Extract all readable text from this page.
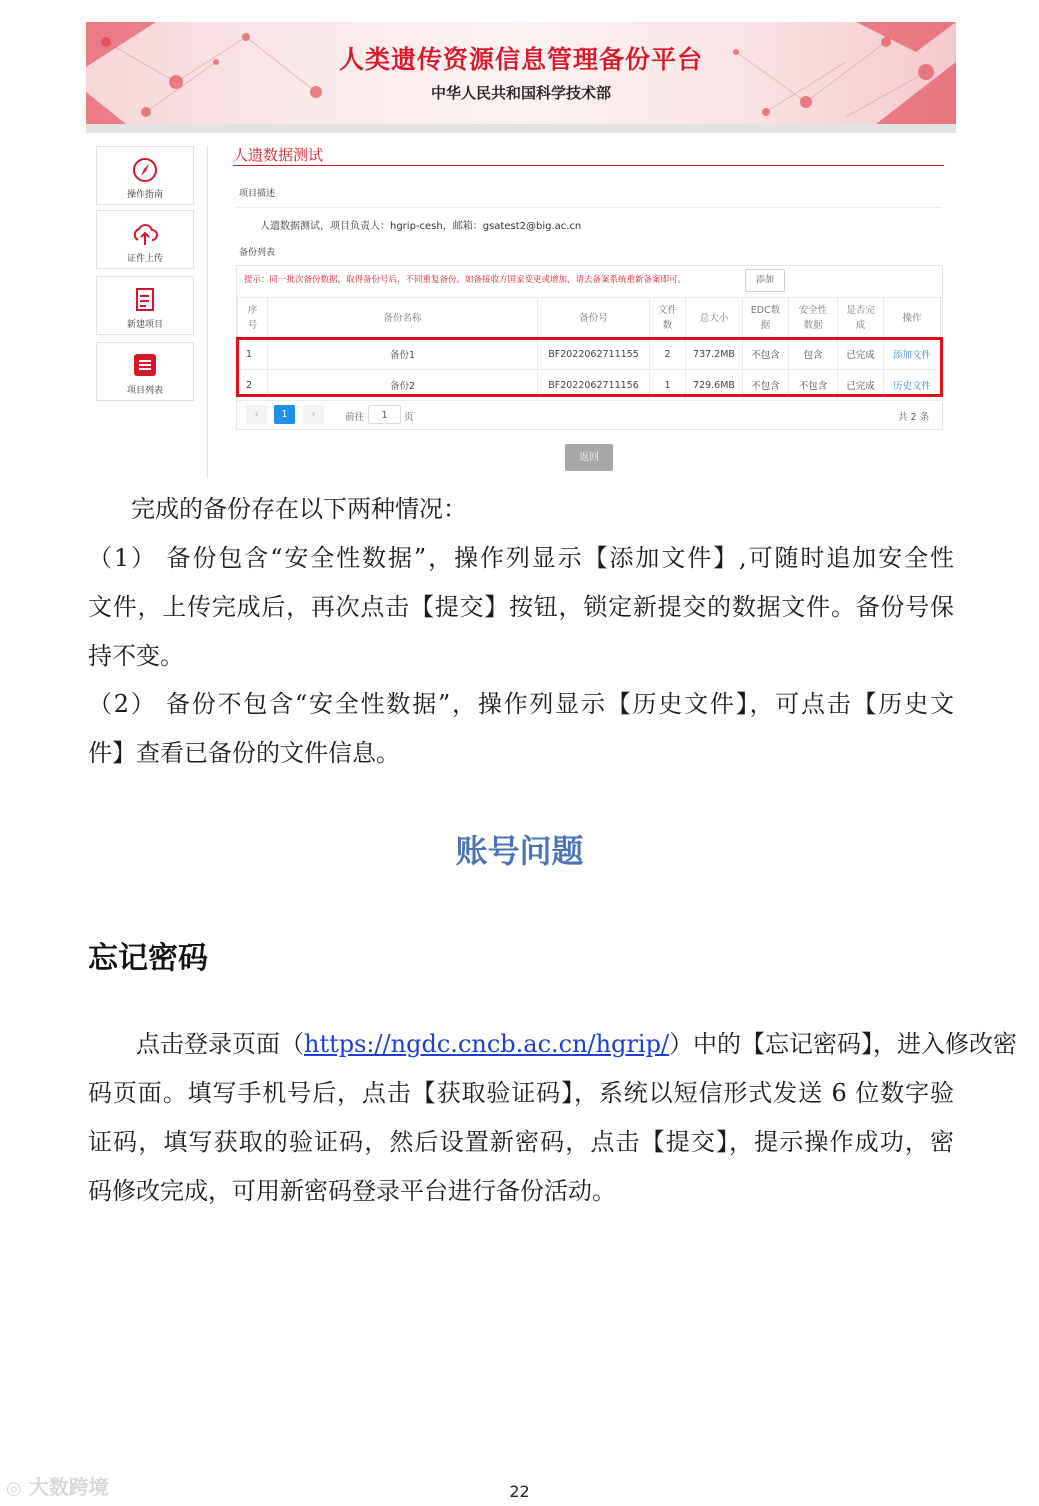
人类遗传资源信息管理备份平台
中华人民共和国科学技术部
操作指南
证件上传
新建项目
项目列表
人遗数据测试
项目描述
人遗数据测试，项目负责人：hgrip-cesh，邮箱：gsatest2@big.ac.cn
备份列表
提示：同一批次备份数据，取得备份号后，不同重复备份。如备接收方国家变更或增加，请去备案系统重新备案即可。	添加
序号	备份名称	备份号	文件数	总大小	EDC数据	安全性数据	是否完成	操作
1	备份1	BF2022062711155	2	737.2MB	不包含	包含	已完成	添加文件
2	备份2	BF2022062711156	1	729.6MB	不包含	不包含	已完成	历史文件
‹	1	›	前往	1	页	共 2 条
返回
完成的备份存在以下两种情况：
（1） 备份包含“安全性数据”，操作列显示【添加文件】,可随时追加安全性
文件，上传完成后，再次点击【提交】按钮，锁定新提交的数据文件。备份号保
持不变。
（2） 备份不包含“安全性数据”，操作列显示【历史文件】，可点击【历史文
件】查看已备份的文件信息。
账号问题
忘记密码
点击登录页面（https://ngdc.cncb.ac.cn/hgrip/）中的【忘记密码】，进入修改密
码页面。填写手机号后，点击【获取验证码】，系统以短信形式发送 6 位数字验
证码，填写获取的验证码，然后设置新密码，点击【提交】，提示操作成功，密
码修改完成，可用新密码登录平台进行备份活动。
22
◎ 大数跨境
